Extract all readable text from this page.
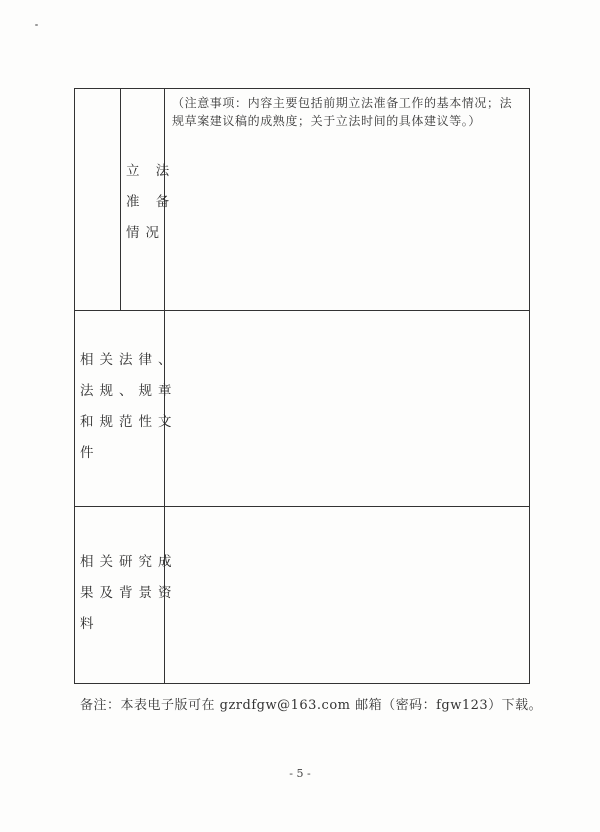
立 法
准 备
情况
（注意事项：内容主要包括前期立法准备工作的基本情况；法规草案建议稿的成熟度；关于立法时间的具体建议等。）
相关法律、
法规、规章
和规范性文
件
相关研究成
果及背景资
料
备注：本表电子版可在 gzrdfgw@163.com 邮箱（密码：fgw123）下载。
- 5 -
